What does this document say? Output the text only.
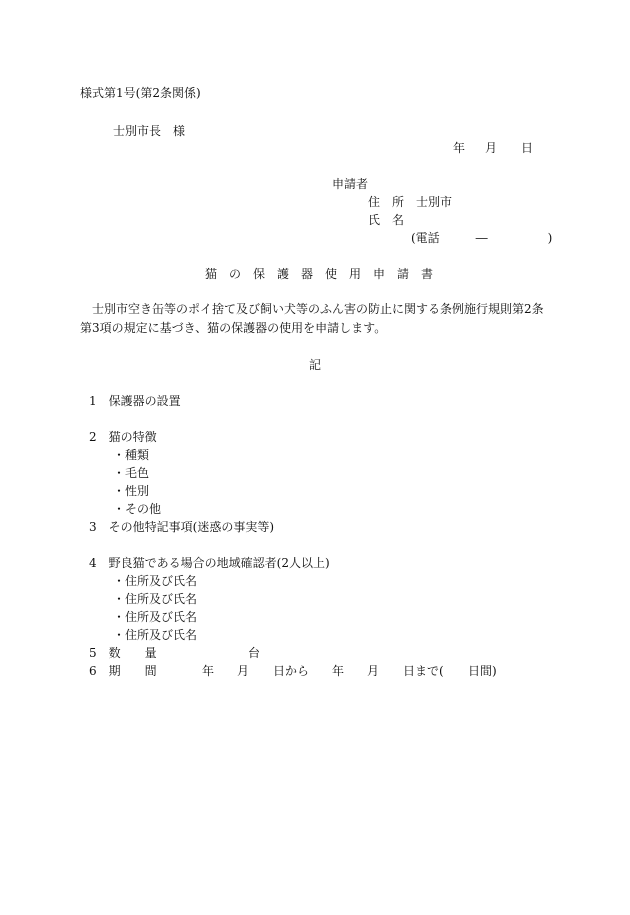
様式第1号(第2条関係)
士別市長　様
年 月 日
申請者
住　所 士別市
氏　名
(電話　　　―　　　　　)
猫　の　保　護　器　使　用　申　請　書
士別市空き缶等のポイ捨て及び飼い犬等のふん害の防止に関する条例施行規則第2条
第3項の規定に基づき、猫の保護器の使用を申請します。
記
1　保護器の設置
2　猫の特徴
・種類
・毛色
・性別
・その他
3　その他特記事項(迷惑の事実等)
4　野良猫である場合の地域確認者(2人以上)
・住所及び氏名
・住所及び氏名
・住所及び氏名
・住所及び氏名
5　数　　量	台
6　期　　間	年 月 日から 年 月 日まで( 日間)
